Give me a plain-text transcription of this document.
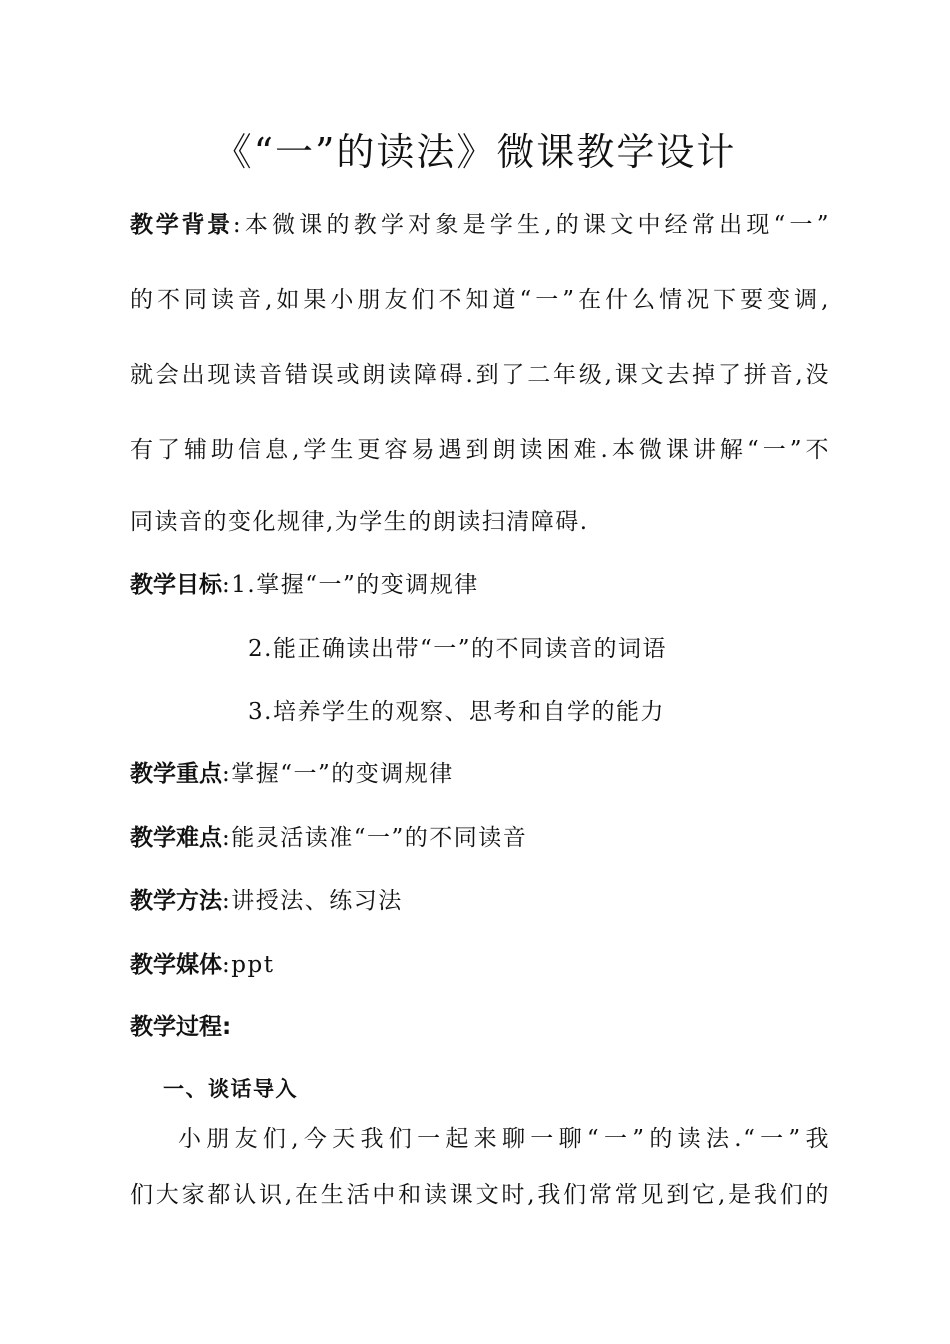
《“一”的读法》微课教学设计
教学背景:本微课的教学对象是学生,的课文中经常出现“一”
的不同读音,如果小朋友们不知道“一”在什么情况下要变调,
就会出现读音错误或朗读障碍.到了二年级,课文去掉了拼音,没
有了辅助信息,学生更容易遇到朗读困难.本微课讲解“一”不
同读音的变化规律,为学生的朗读扫清障碍.
教学目标:1.掌握“一”的变调规律
2.能正确读出带“一”的不同读音的词语
3.培养学生的观察、思考和自学的能力
教学重点:掌握“一”的变调规律
教学难点:能灵活读准“一”的不同读音
教学方法:讲授法、练习法
教学媒体:ppt
教学过程:
一、谈话导入
小朋友们,今天我们一起来聊一聊“一”的读法.“一”我
们大家都认识,在生活中和读课文时,我们常常见到它,是我们的
